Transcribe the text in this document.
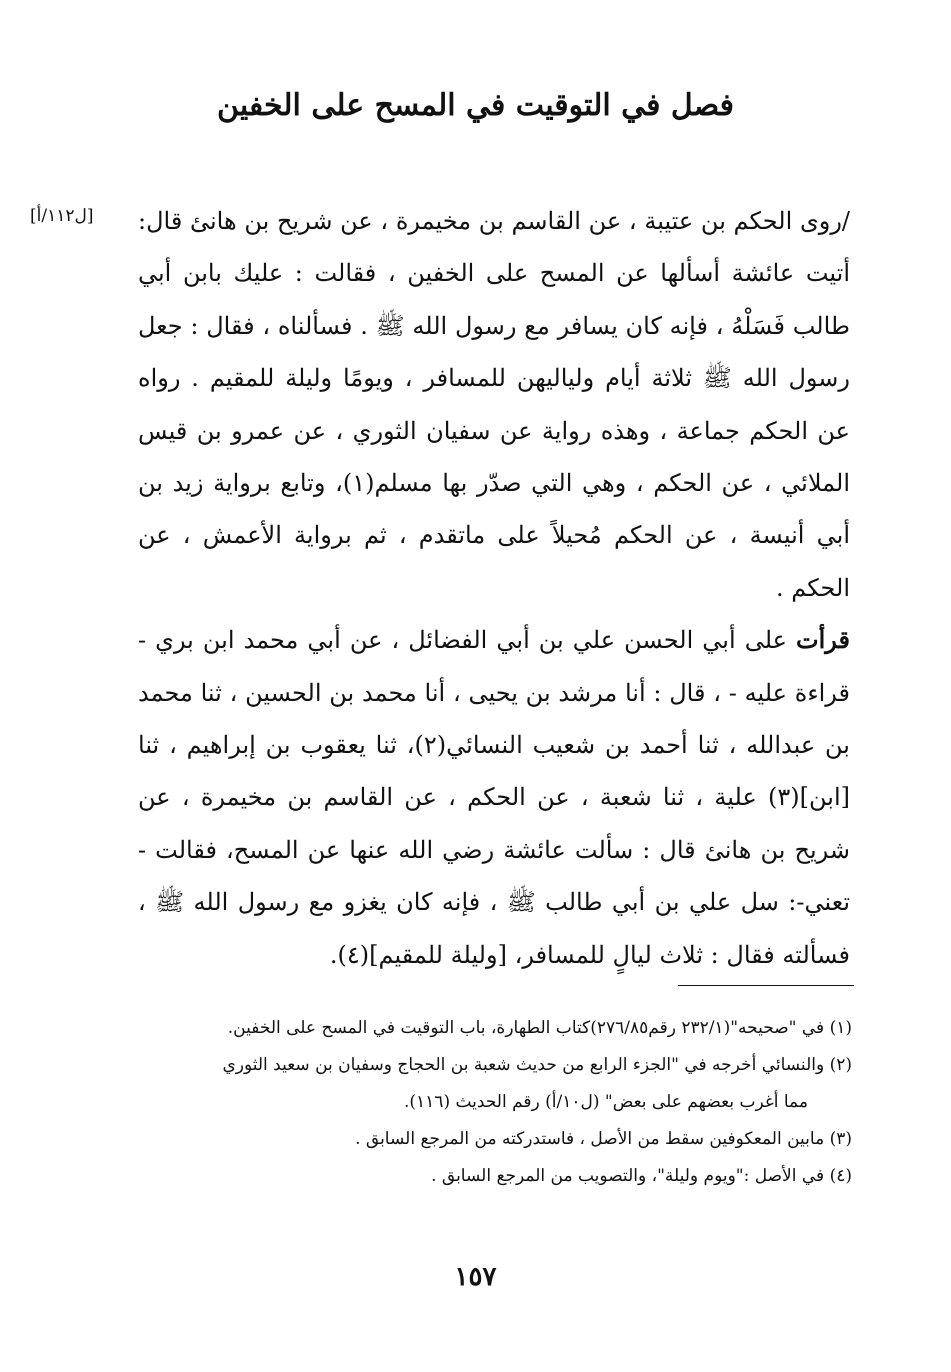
فصل في التوقيت في المسح على الخفين
[ل١١٢/أ]	/روى الحكم بن عتيبة ، عن القاسم بن مخيمرة ، عن شريح بن هانئ قال: أتيت عائشة أسألها عن المسح على الخفين ، فقالت : عليك بابن أبي طالب فَسَلْهُ ، فإنه كان يسافر مع رسول الله ﷺ . فسألناه ، فقال : جعل رسول الله ﷺ ثلاثة أيام ولياليهن للمسافر ، ويومًا وليلة للمقيم . رواه عن الحكم جماعة ، وهذه رواية عن سفيان الثوري ، عن عمرو بن قيس الملائي ، عن الحكم ، وهي التي صدّر بها مسلم(١)، وتابع برواية زيد بن أبي أنيسة ، عن الحكم مُحيلاً على ماتقدم ، ثم برواية الأعمش ، عن الحكم .

قرأت على أبي الحسن علي بن أبي الفضائل ، عن أبي محمد ابن بري - قراءة عليه - ، قال : أنا مرشد بن يحيى ، أنا محمد بن الحسين ، ثنا محمد بن عبدالله ، ثنا أحمد بن شعيب النسائي(٢)، ثنا يعقوب بن إبراهيم ، ثنا [ابن](٣) علية ، ثنا شعبة ، عن الحكم ، عن القاسم بن مخيمرة ، عن شريح بن هانئ قال : سألت عائشة رضي الله عنها عن المسح، فقالت - تعني-: سل علي بن أبي طالب ﷺ ، فإنه كان يغزو مع رسول الله ﷺ ، فسألته فقال : ثلاث ليالٍ للمسافر، [وليلة للمقيم](٤).

(١) في "صحيحه"(٢٣٢/١ رقم٢٧٦/٨٥)كتاب الطهارة، باب التوقيت في المسح على الخفين.

(٢) والنسائي أخرجه في "الجزء الرابع من حديث شعبة بن الحجاج وسفيان بن سعيد الثوري

مما أغرب بعضهم على بعض" (ل١٠/أ) رقم الحديث (١١٦).

(٣) مابين المعكوفين سقط من الأصل ، فاستدركته من المرجع السابق .

(٤) في الأصل :"ويوم وليلة"، والتصويب من المرجع السابق .

١٥٧
